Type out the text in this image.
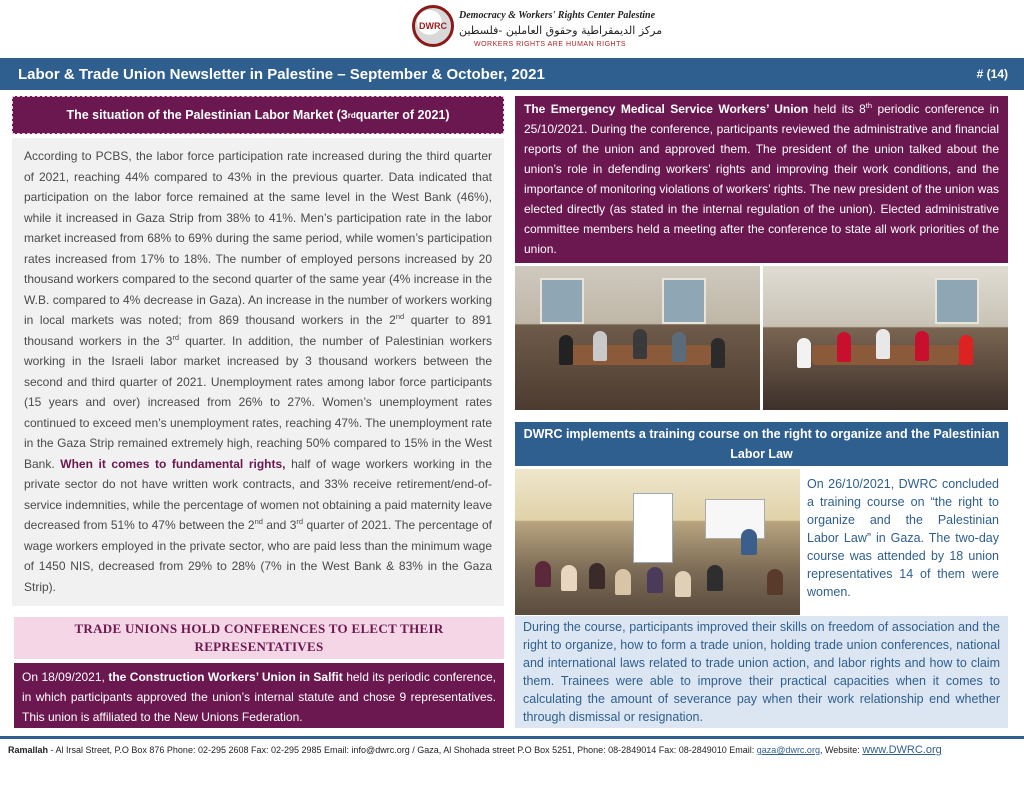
DWRC
Democracy & Workers' Rights Center Palestine
مركز الديمقراطية وحقوق العاملين -فلسطين
WORKERS RIGHTS ARE HUMAN RIGHTS
Labor & Trade Union Newsletter in Palestine – September & October, 2021	# (14)
The situation of the Palestinian Labor Market (3 rd quarter of 2021)
According to PCBS, the labor force participation rate increased during the third quarter of 2021, reaching 44% compared to 43% in the previous quarter. Data indicated that participation on the labor force remained at the same level in the West Bank (46%), while it increased in Gaza Strip from 38% to 41%. Men’s participation rate in the labor market increased from 68% to 69% during the same period, while women’s participation rates increased from 17% to 18%. The number of employed persons increased by 20 thousand workers compared to the second quarter of the same year (4% increase in the W.B. compared to 4% decrease in Gaza). An increase in the number of workers working in local markets was noted; from 869 thousand workers in the 2nd quarter to 891 thousand workers in the 3rd quarter. In addition, the number of Palestinian workers working in the Israeli labor market increased by 3 thousand workers between the second and third quarter of 2021. Unemployment rates among labor force participants (15 years and over) increased from 26% to 27%. Women’s unemployment rates continued to exceed men’s unemployment rates, reaching 47%. The unemployment rate in the Gaza Strip remained extremely high, reaching 50% compared to 15% in the West Bank. When it comes to fundamental rights, half of wage workers working in the private sector do not have written work contracts, and 33% receive retirement/end-of-service indemnities, while the percentage of women not obtaining a paid maternity leave decreased from 51% to 47% between the 2nd and 3rd quarter of 2021. The percentage of wage workers employed in the private sector, who are paid less than the minimum wage of 1450 NIS, decreased from 29% to 28% (7% in the West Bank & 83% in the Gaza Strip).
TRADE UNIONS HOLD CONFERENCES TO ELECT THEIR REPRESENTATIVES
On 18/09/2021, the Construction Workers’ Union in Salfit held its periodic conference, in which participants approved the union’s internal statute and chose 9 representatives. This union is affiliated to the New Unions Federation.
The Emergency Medical Service Workers’ Union held its 8th periodic conference in 25/10/2021. During the conference, participants reviewed the administrative and financial reports of the union and approved them. The president of the union talked about the union’s role in defending workers’ rights and improving their work conditions, and the importance of monitoring violations of workers’ rights. The new president of the union was elected directly (as stated in the internal regulation of the union). Elected administrative committee members held a meeting after the conference to state all work priorities of the union.
DWRC implements a training course on the right to organize and the Palestinian Labor Law
On 26/10/2021, DWRC concluded a training course on “the right to organize and the Palestinian Labor Law” in Gaza. The two-day course was attended by 18 union representatives 14 of them were women.
During the course, participants improved their skills on freedom of association and the right to organize, how to form a trade union, holding trade union conferences, national and international laws related to trade union action, and labor rights and how to claim them. Trainees were able to improve their practical capacities when it comes to calculating the amount of severance pay when their work relationship end whether through dismissal or resignation.
Ramallah - Al Irsal Street, P.O Box 876 Phone: 02-295 2608 Fax: 02-295 2985 Email: info@dwrc.org / Gaza, Al Shohada street P.O Box 5251, Phone: 08-2849014 Fax: 08-2849010 Email: gaza@dwrc.org, Website: www.DWRC.org
